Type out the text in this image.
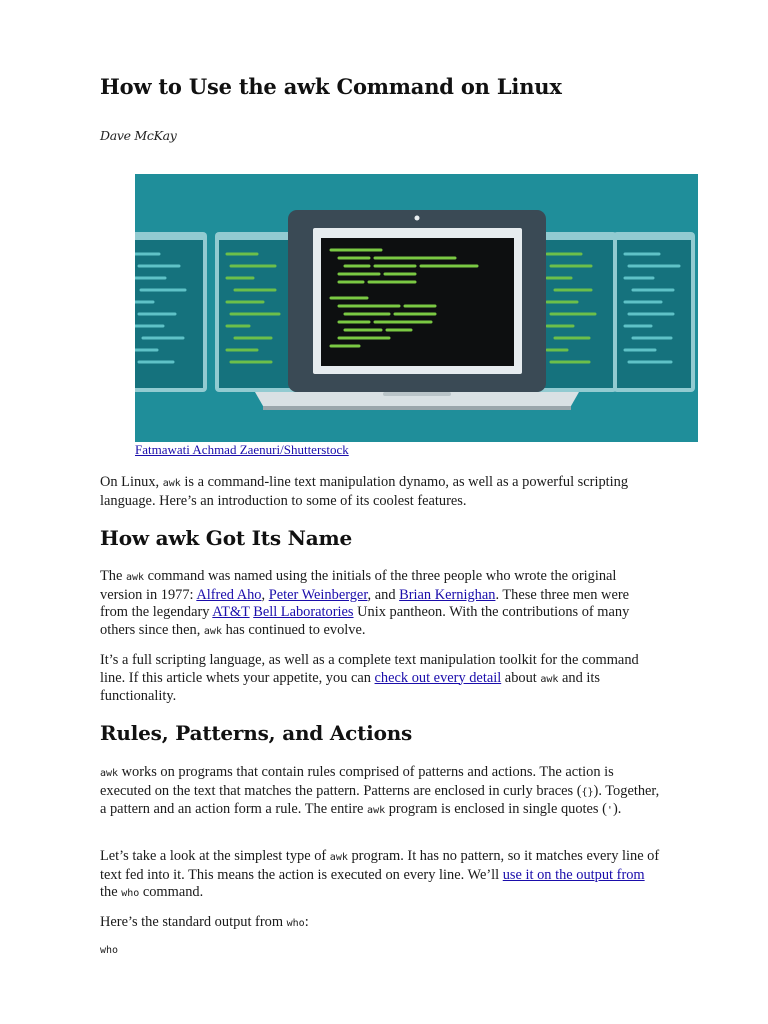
How to Use the awk Command on Linux

Dave McKay

Fatmawati Achmad Zaenuri/Shutterstock

On Linux, awk is a command-line text manipulation dynamo, as well as a powerful scripting language. Here’s an introduction to some of its coolest features.

How awk Got Its Name

The awk command was named using the initials of the three people who wrote the original version in 1977: Alfred Aho, Peter Weinberger, and Brian Kernighan. These three men were from the legendary AT&T Bell Laboratories Unix pantheon. With the contributions of many others since then, awk has continued to evolve.

It’s a full scripting language, as well as a complete text manipulation toolkit for the command line. If this article whets your appetite, you can check out every detail about awk and its functionality.

Rules, Patterns, and Actions

awk works on programs that contain rules comprised of patterns and actions. The action is executed on the text that matches the pattern. Patterns are enclosed in curly braces ({}). Together, a pattern and an action form a rule. The entire awk program is enclosed in single quotes (').

Let’s take a look at the simplest type of awk program. It has no pattern, so it matches every line of text fed into it. This means the action is executed on every line. We’ll use it on the output from the who command.

Here’s the standard output from who:

who
